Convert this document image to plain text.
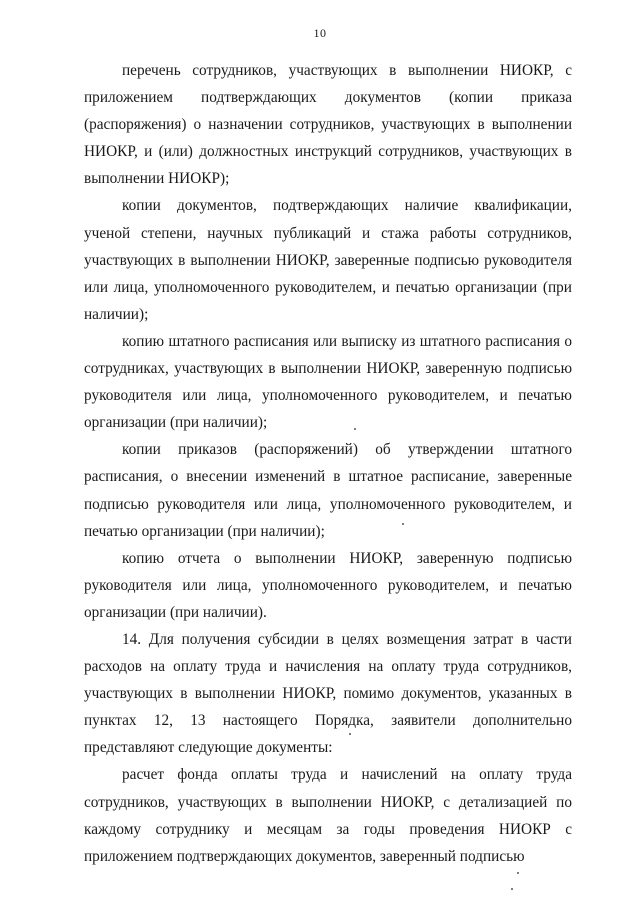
10

перечень сотрудников, участвующих в выполнении НИОКР, с приложением подтверждающих документов (копии приказа (распоряжения) о назначении сотрудников, участвующих в выполнении НИОКР, и (или) должностных инструкций сотрудников, участвующих в выполнении НИОКР);

копии документов, подтверждающих наличие квалификации, ученой степени, научных публикаций и стажа работы сотрудников, участвующих в выполнении НИОКР, заверенные подписью руководителя или лица, уполномоченного руководителем, и печатью организации (при наличии);

копию штатного расписания или выписку из штатного расписания о сотрудниках, участвующих в выполнении НИОКР, заверенную подписью руководителя или лица, уполномоченного руководителем, и печатью организации (при наличии);

копии приказов (распоряжений) об утверждении штатного расписания, о внесении изменений в штатное расписание, заверенные подписью руководителя или лица, уполномоченного руководителем, и печатью организации (при наличии);

копию отчета о выполнении НИОКР, заверенную подписью руководителя или лица, уполномоченного руководителем, и печатью организации (при наличии).

14. Для получения субсидии в целях возмещения затрат в части расходов на оплату труда и начисления на оплату труда сотрудников, участвующих в выполнении НИОКР, помимо документов, указанных в пунктах 12, 13 настоящего Порядка, заявители дополнительно представляют следующие документы:

расчет фонда оплаты труда и начислений на оплату труда сотрудников, участвующих в выполнении НИОКР, с детализацией по каждому сотруднику и месяцам за годы проведения НИОКР с приложением подтверждающих документов, заверенный подписью
